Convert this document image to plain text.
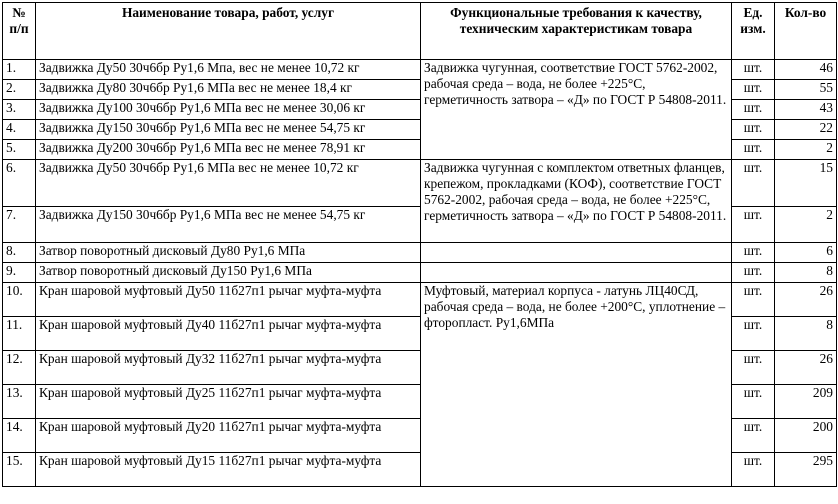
№ п/п	Наименование товара, работ, услуг	Функциональные требования к качеству, техническим характеристикам товара	Ед. изм.	Кол-во
1.	Задвижка Ду50 30ч6бр Ру1,6 Мпа, вес не менее 10,72 кг	Задвижка чугунная, соответствие ГОСТ 5762-2002, рабочая среда – вода, не более +225°С, герметичность затвора – «Д» по ГОСТ Р 54808-2011.	шт.	46
2.	Задвижка Ду80 30ч6бр Ру1,6 МПа вес не менее 18,4 кг		шт.	55
3.	Задвижка Ду100 30ч6бр Ру1,6 МПа вес не менее 30,06 кг		шт.	43
4.	Задвижка Ду150 30ч6бр Ру1,6 МПа вес не менее 54,75 кг		шт.	22
5.	Задвижка Ду200 30ч6бр Ру1,6 МПа вес не менее 78,91 кг		шт.	2
6.	Задвижка Ду50 30ч6бр Ру1,6 МПа вес не менее 10,72 кг	Задвижка чугунная с комплектом ответных фланцев, крепежом, прокладками (КОФ), соответствие ГОСТ 5762-2002, рабочая среда – вода, не более +225°С, герметичность затвора – «Д» по ГОСТ Р 54808-2011.	шт.	15
7.	Задвижка Ду150 30ч6бр Ру1,6 МПа вес не менее 54,75 кг		шт.	2
8.	Затвор поворотный дисковый Ду80 Ру1,6 МПа		шт.	6
9.	Затвор поворотный дисковый Ду150 Ру1,6 МПа		шт.	8
10.	Кран шаровой муфтовый Ду50 11б27п1 рычаг муфта-муфта	Муфтовый, материал корпуса - латунь ЛЦ40СД, рабочая среда – вода, не более +200°С, уплотнение – фторопласт. Ру1,6МПа	шт.	26
11.	Кран шаровой муфтовый Ду40 11б27п1 рычаг муфта-муфта		шт.	8
12.	Кран шаровой муфтовый Ду32 11б27п1 рычаг муфта-муфта		шт.	26
13.	Кран шаровой муфтовый Ду25 11б27п1 рычаг муфта-муфта		шт.	209
14.	Кран шаровой муфтовый Ду20 11б27п1 рычаг муфта-муфта		шт.	200
15.	Кран шаровой муфтовый Ду15 11б27п1 рычаг муфта-муфта		шт.	295
